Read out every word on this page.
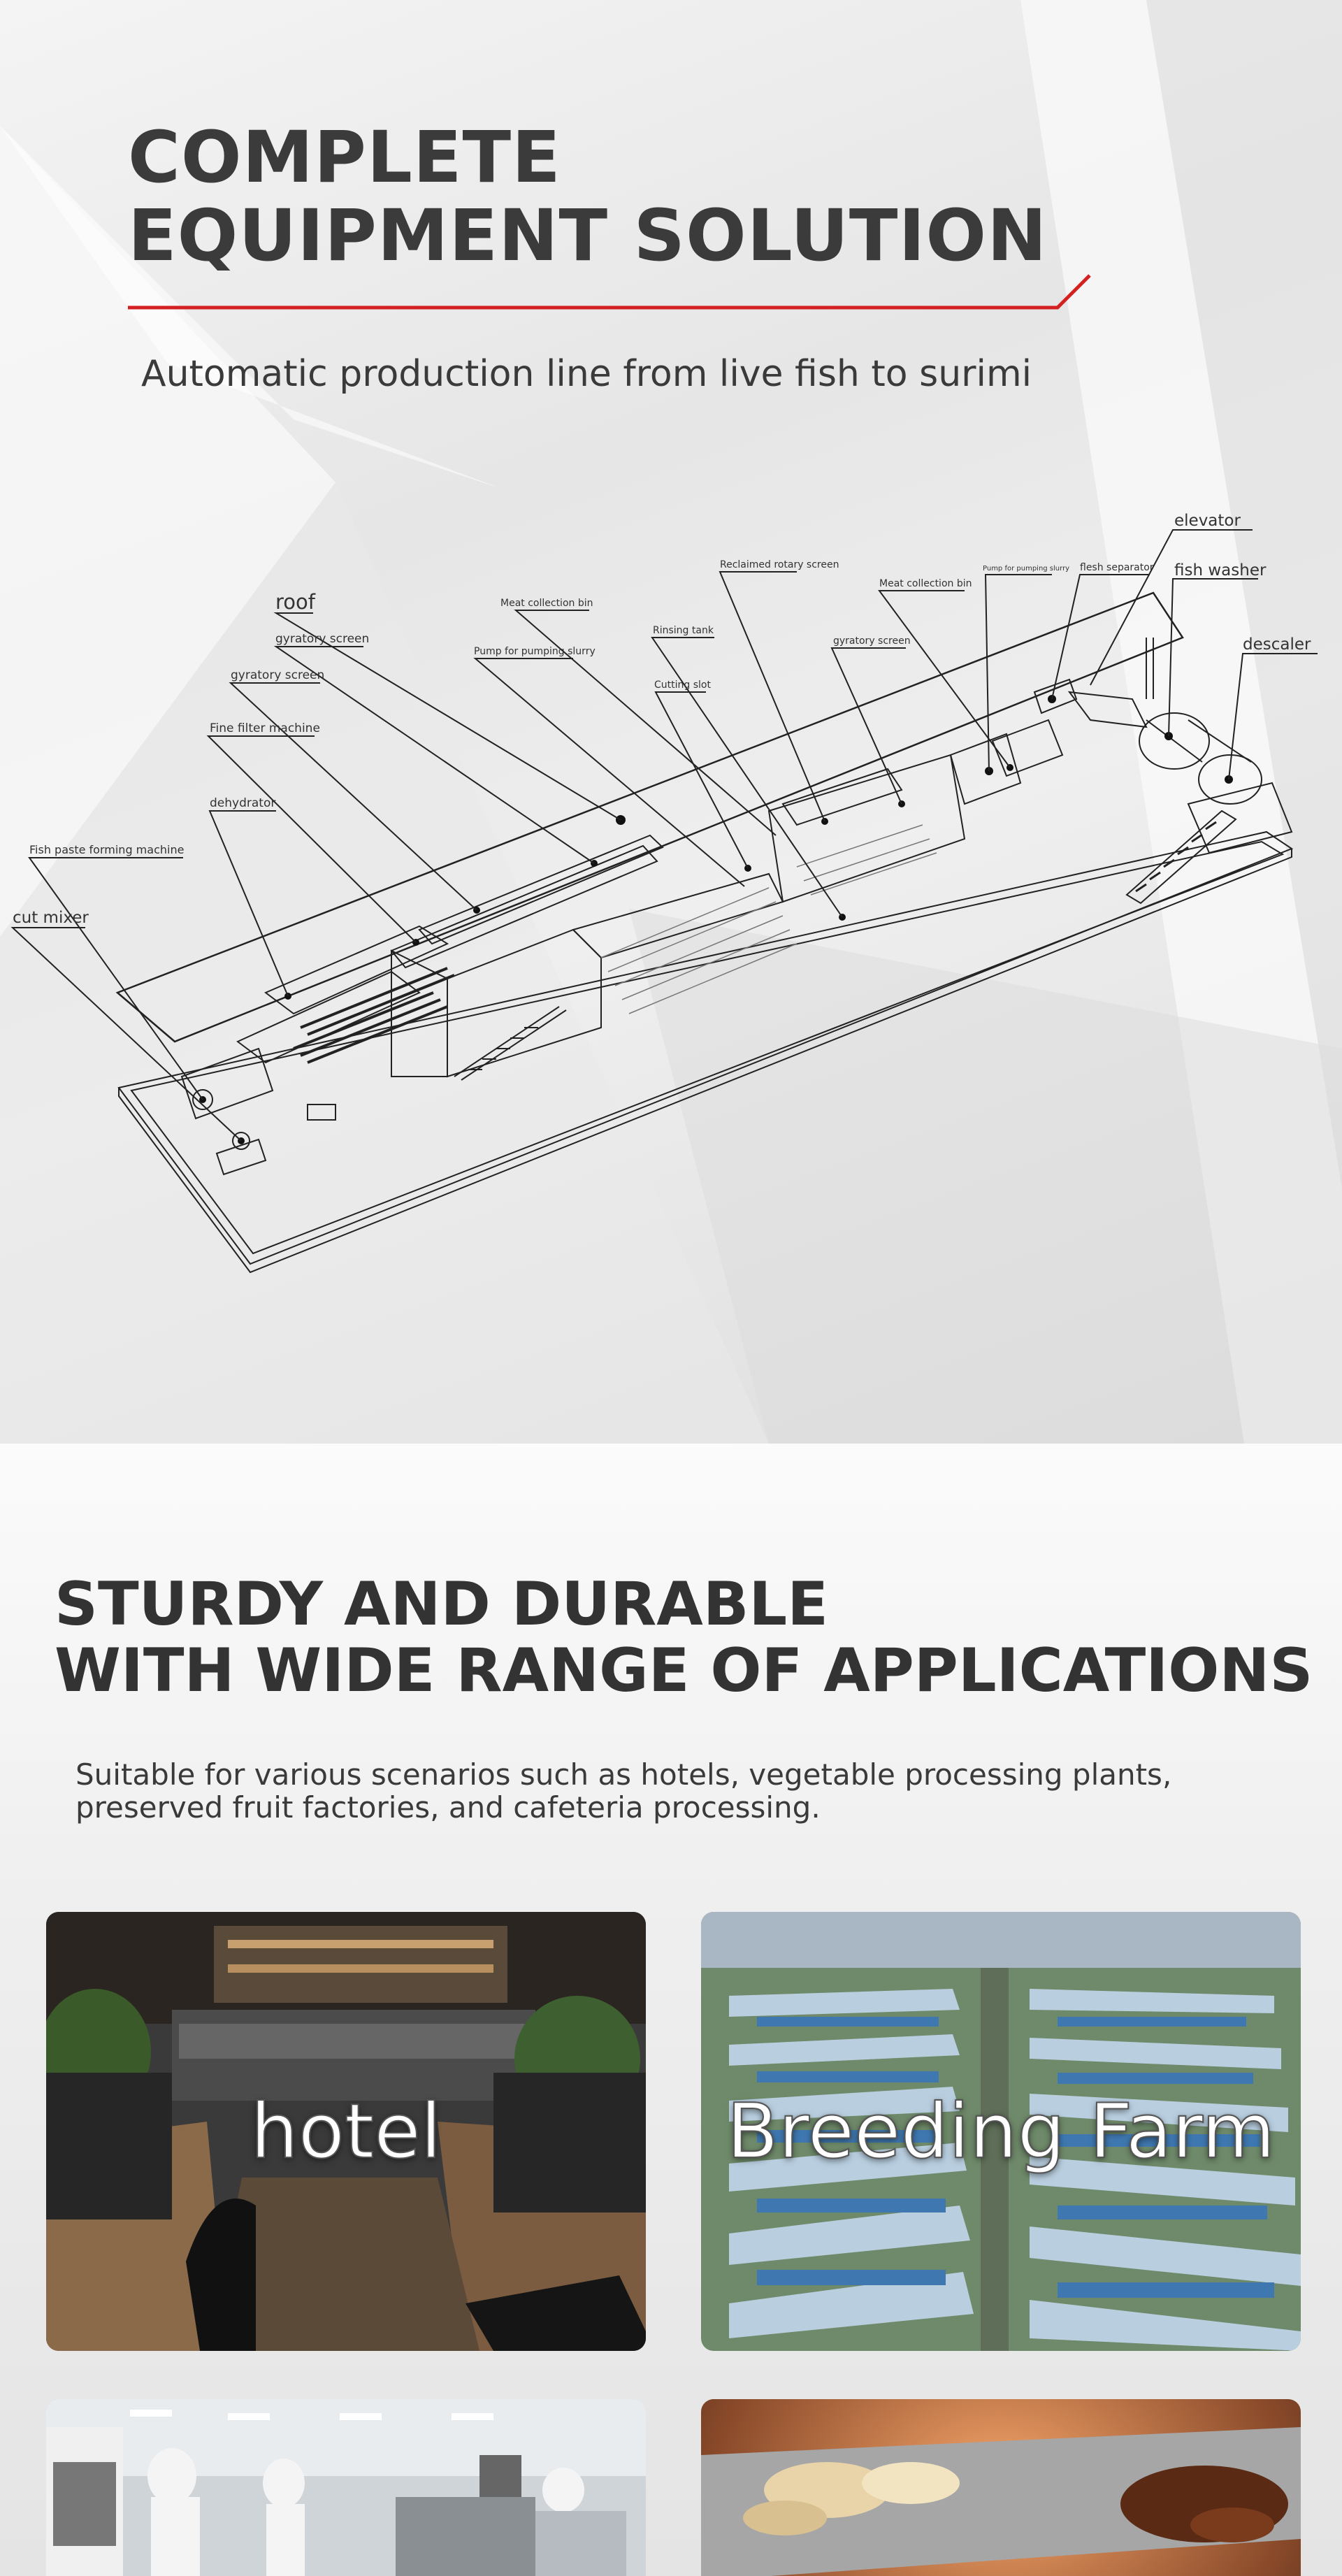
COMPLETE
EQUIPMENT SOLUTION
Automatic production line from live fish to surimi
elevator
fish washer
descaler
flesh separator
Pump for pumping slurry
Meat collection bin
Reclaimed rotary screen
gyratory screen
Rinsing tank
Cutting slot
Meat collection bin
Pump for pumping slurry
roof
gyratory screen
gyratory screen
Fine filter machine
dehydrator
Fish paste forming machine
cut mixer
STURDY AND DURABLE
WITH WIDE RANGE OF APPLICATIONS

Suitable for various scenarios such as hotels, vegetable processing plants, preserved fruit factories, and cafeteria processing.

hotel	Breeding Farm
